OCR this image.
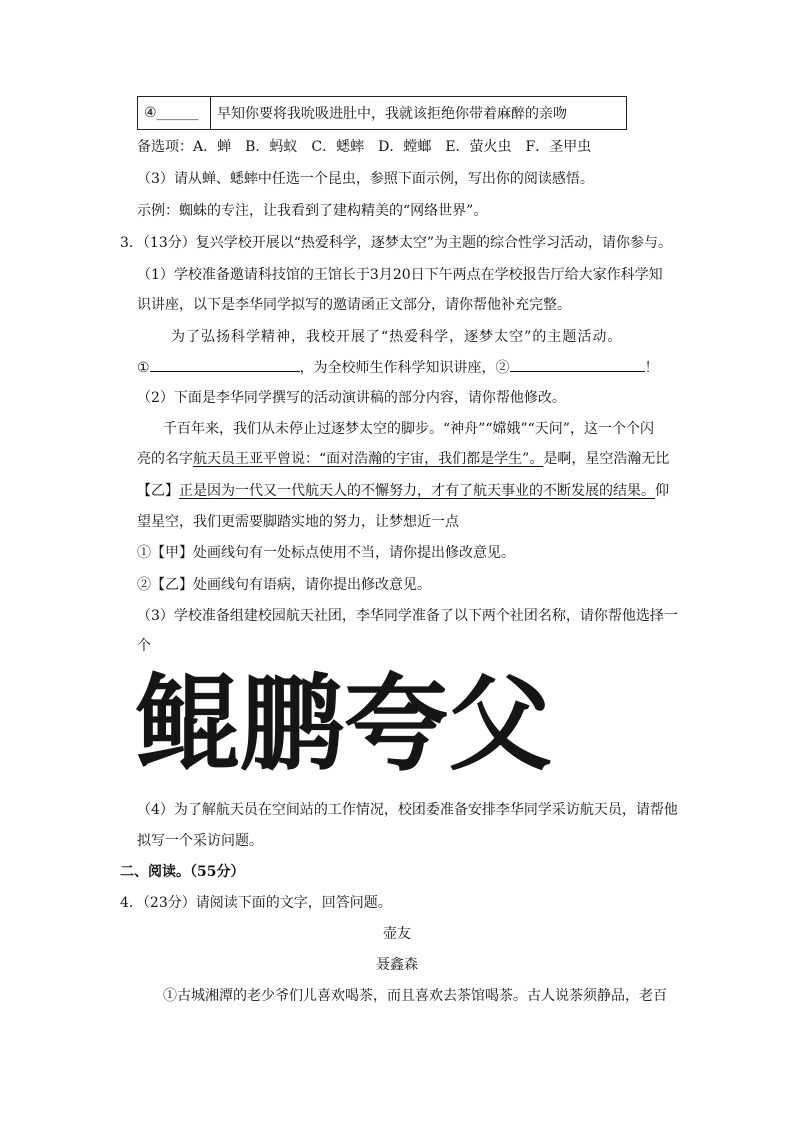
④______	早知你要将我吮吸进肚中，我就该拒绝你带着麻醉的亲吻
备选项：A．蝉　B．蚂蚁　C．蟋蟀　D．螳螂　E．萤火虫　F．圣甲虫
（3）请从蝉、蟋蟀中任选一个昆虫，参照下面示例，写出你的阅读感悟。
示例：蜘蛛的专注，让我看到了建构精美的“网络世界”。
3．（13分）复兴学校开展以“热爱科学，逐梦太空”为主题的综合性学习活动，请你参与。
（1）学校准备邀请科技馆的王馆长于3月20日下午两点在学校报告厅给大家作科学知
识讲座，以下是李华同学拟写的邀请函正文部分，请你帮他补充完整。
为了弘扬科学精神，我校开展了“热爱科学，逐梦太空”的主题活动。
①	，为全校师生作科学知识讲座，②	！
（2）下面是李华同学撰写的活动演讲稿的部分内容，请你帮他修改。
千百年来，我们从未停止过逐梦太空的脚步。“神舟”“嫦娥”“天问”，这一个个闪
亮的名字航天员王亚平曾说：“面对浩瀚的宇宙，我们都是学生”。是啊，星空浩瀚无比
【乙】正是因为一代又一代航天人的不懈努力，才有了航天事业的不断发展的结果。仰
望星空，我们更需要脚踏实地的努力，让梦想近一点
①【甲】处画线句有一处标点使用不当，请你提出修改意见。
②【乙】处画线句有语病，请你提出修改意见。
（3）学校准备组建校园航天社团，李华同学准备了以下两个社团名称，请你帮他选择一
个
鲲鹏夸父
（4）为了解航天员在空间站的工作情况，校团委准备安排李华同学采访航天员，请帮他
拟写一个采访问题。
二、阅读。（55分）
4．（23分）请阅读下面的文字，回答问题。
壶友
聂鑫森
①古城湘潭的老少爷们儿喜欢喝茶，而且喜欢去茶馆喝茶。古人说茶须静品，老百
